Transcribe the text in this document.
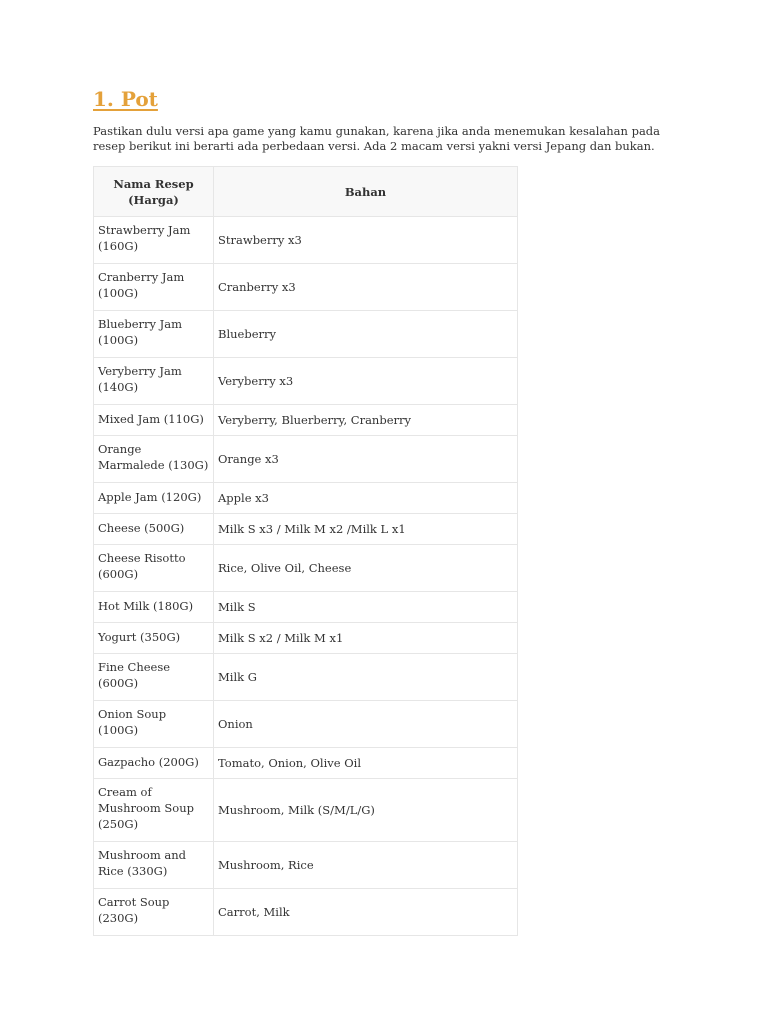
1. Pot

Pastikan dulu versi apa game yang kamu gunakan, karena jika anda menemukan kesalahan pada resep berikut ini berarti ada perbedaan versi. Ada 2 macam versi yakni versi Jepang dan bukan.

Nama Resep (Harga)	Bahan
Strawberry Jam (160G)	Strawberry x3
Cranberry Jam (100G)	Cranberry x3
Blueberry Jam (100G)	Blueberry
Veryberry Jam (140G)	Veryberry x3
Mixed Jam (110G)	Veryberry, Bluerberry, Cranberry
Orange Marmalede (130G)	Orange x3
Apple Jam (120G)	Apple x3
Cheese (500G)	Milk S x3 / Milk M x2 /Milk L x1
Cheese Risotto (600G)	Rice, Olive Oil, Cheese
Hot Milk (180G)	Milk S
Yogurt (350G)	Milk S x2 / Milk M x1
Fine Cheese (600G)	Milk G
Onion Soup (100G)	Onion
Gazpacho (200G)	Tomato, Onion, Olive Oil
Cream of Mushroom Soup (250G)	Mushroom, Milk (S/M/L/G)
Mushroom and Rice (330G)	Mushroom, Rice
Carrot Soup (230G)	Carrot, Milk
